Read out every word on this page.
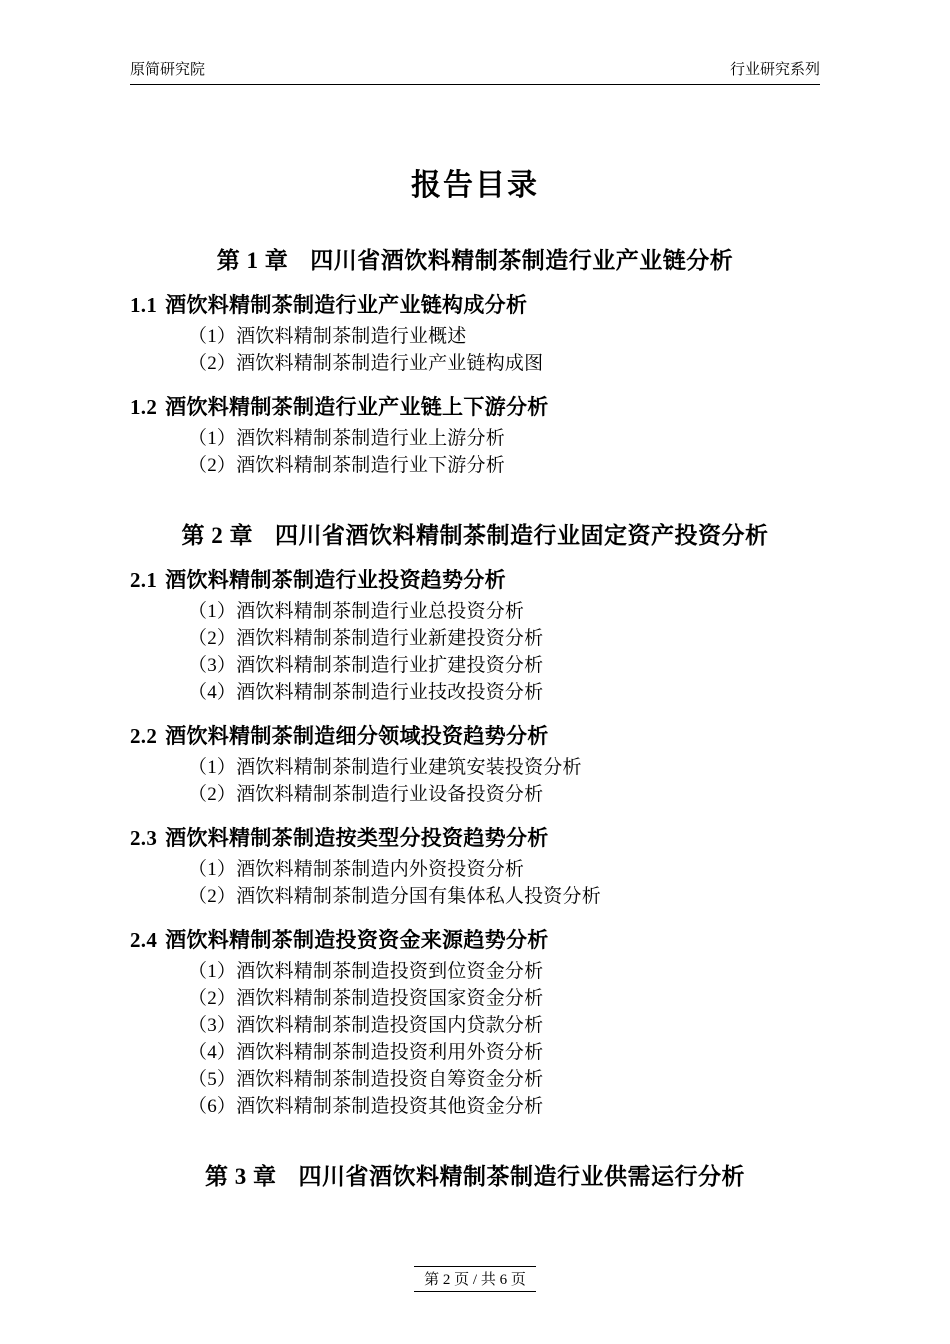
原简研究院	行业研究系列
报告目录
第 1 章 四川省酒饮料精制茶制造行业产业链分析
1.1 酒饮料精制茶制造行业产业链构成分析
（1）酒饮料精制茶制造行业概述
（2）酒饮料精制茶制造行业产业链构成图
1.2 酒饮料精制茶制造行业产业链上下游分析
（1）酒饮料精制茶制造行业上游分析
（2）酒饮料精制茶制造行业下游分析
第 2 章 四川省酒饮料精制茶制造行业固定资产投资分析
2.1 酒饮料精制茶制造行业投资趋势分析
（1）酒饮料精制茶制造行业总投资分析
（2）酒饮料精制茶制造行业新建投资分析
（3）酒饮料精制茶制造行业扩建投资分析
（4）酒饮料精制茶制造行业技改投资分析
2.2 酒饮料精制茶制造细分领域投资趋势分析
（1）酒饮料精制茶制造行业建筑安装投资分析
（2）酒饮料精制茶制造行业设备投资分析
2.3 酒饮料精制茶制造按类型分投资趋势分析
（1）酒饮料精制茶制造内外资投资分析
（2）酒饮料精制茶制造分国有集体私人投资分析
2.4 酒饮料精制茶制造投资资金来源趋势分析
（1）酒饮料精制茶制造投资到位资金分析
（2）酒饮料精制茶制造投资国家资金分析
（3）酒饮料精制茶制造投资国内贷款分析
（4）酒饮料精制茶制造投资利用外资分析
（5）酒饮料精制茶制造投资自筹资金分析
（6）酒饮料精制茶制造投资其他资金分析
第 3 章 四川省酒饮料精制茶制造行业供需运行分析
第 2 页 / 共 6 页
